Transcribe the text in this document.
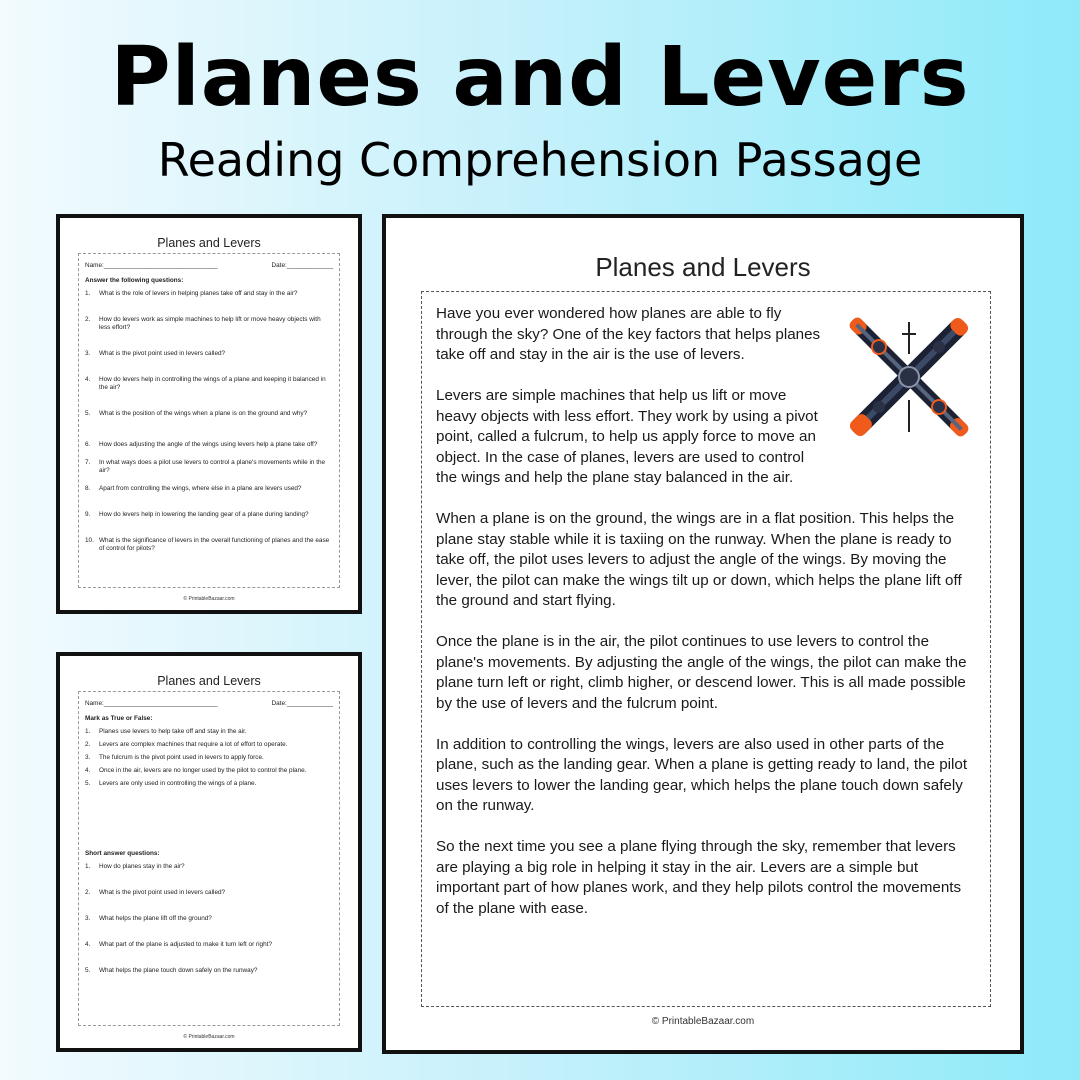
Planes and Levers
Reading Comprehension Passage
Planes and Levers
Name:________________________________	Date:_____________
Answer the following questions:
1.	What is the role of levers in helping planes take off and stay in the air?
2.	How do levers work as simple machines to help lift or move heavy objects with less effort?
3.	What is the pivot point used in levers called?
4.	How do levers help in controlling the wings of a plane and keeping it balanced in the air?
5.	What is the position of the wings when a plane is on the ground and why?
6.	How does adjusting the angle of the wings using levers help a plane take off?
7.	In what ways does a pilot use levers to control a plane's movements while in the air?
8.	Apart from controlling the wings, where else in a plane are levers used?
9.	How do levers help in lowering the landing gear of a plane during landing?
10. What is the significance of levers in the overall functioning of planes and the ease of control for pilots?
© PrintableBazaar.com
Planes and Levers
Name:________________________________	Date:_____________
Mark as True or False:
1.	Planes use levers to help take off and stay in the air.
2.	Levers are complex machines that require a lot of effort to operate.
3.	The fulcrum is the pivot point used in levers to apply force.
4.	Once in the air, levers are no longer used by the pilot to control the plane.
5.	Levers are only used in controlling the wings of a plane.
Short answer questions:
1.	How do planes stay in the air?
2.	What is the pivot point used in levers called?
3.	What helps the plane lift off the ground?
4.	What part of the plane is adjusted to make it turn left or right?
5.	What helps the plane touch down safely on the runway?
© PrintableBazaar.com
Planes and Levers

Have you ever wondered how planes are able to fly through the sky? One of the key factors that helps planes take off and stay in the air is the use of levers.

Levers are simple machines that help us lift or move heavy objects with less effort. They work by using a pivot point, called a fulcrum, to help us apply force to move an object. In the case of planes, levers are used to control the wings and help the plane stay balanced in the air.

When a plane is on the ground, the wings are in a flat position. This helps the plane stay stable while it is taxiing on the runway. When the plane is ready to take off, the pilot uses levers to adjust the angle of the wings. By moving the lever, the pilot can make the wings tilt up or down, which helps the plane lift off the ground and start flying.

Once the plane is in the air, the pilot continues to use levers to control the plane's movements. By adjusting the angle of the wings, the pilot can make the plane turn left or right, climb higher, or descend lower. This is all made possible by the use of levers and the fulcrum point.

In addition to controlling the wings, levers are also used in other parts of the plane, such as the landing gear. When a plane is getting ready to land, the pilot uses levers to lower the landing gear, which helps the plane touch down safely on the runway.

So the next time you see a plane flying through the sky, remember that levers are playing a big role in helping it stay in the air. Levers are a simple but important part of how planes work, and they help pilots control the movements of the plane with ease.

© PrintableBazaar.com
